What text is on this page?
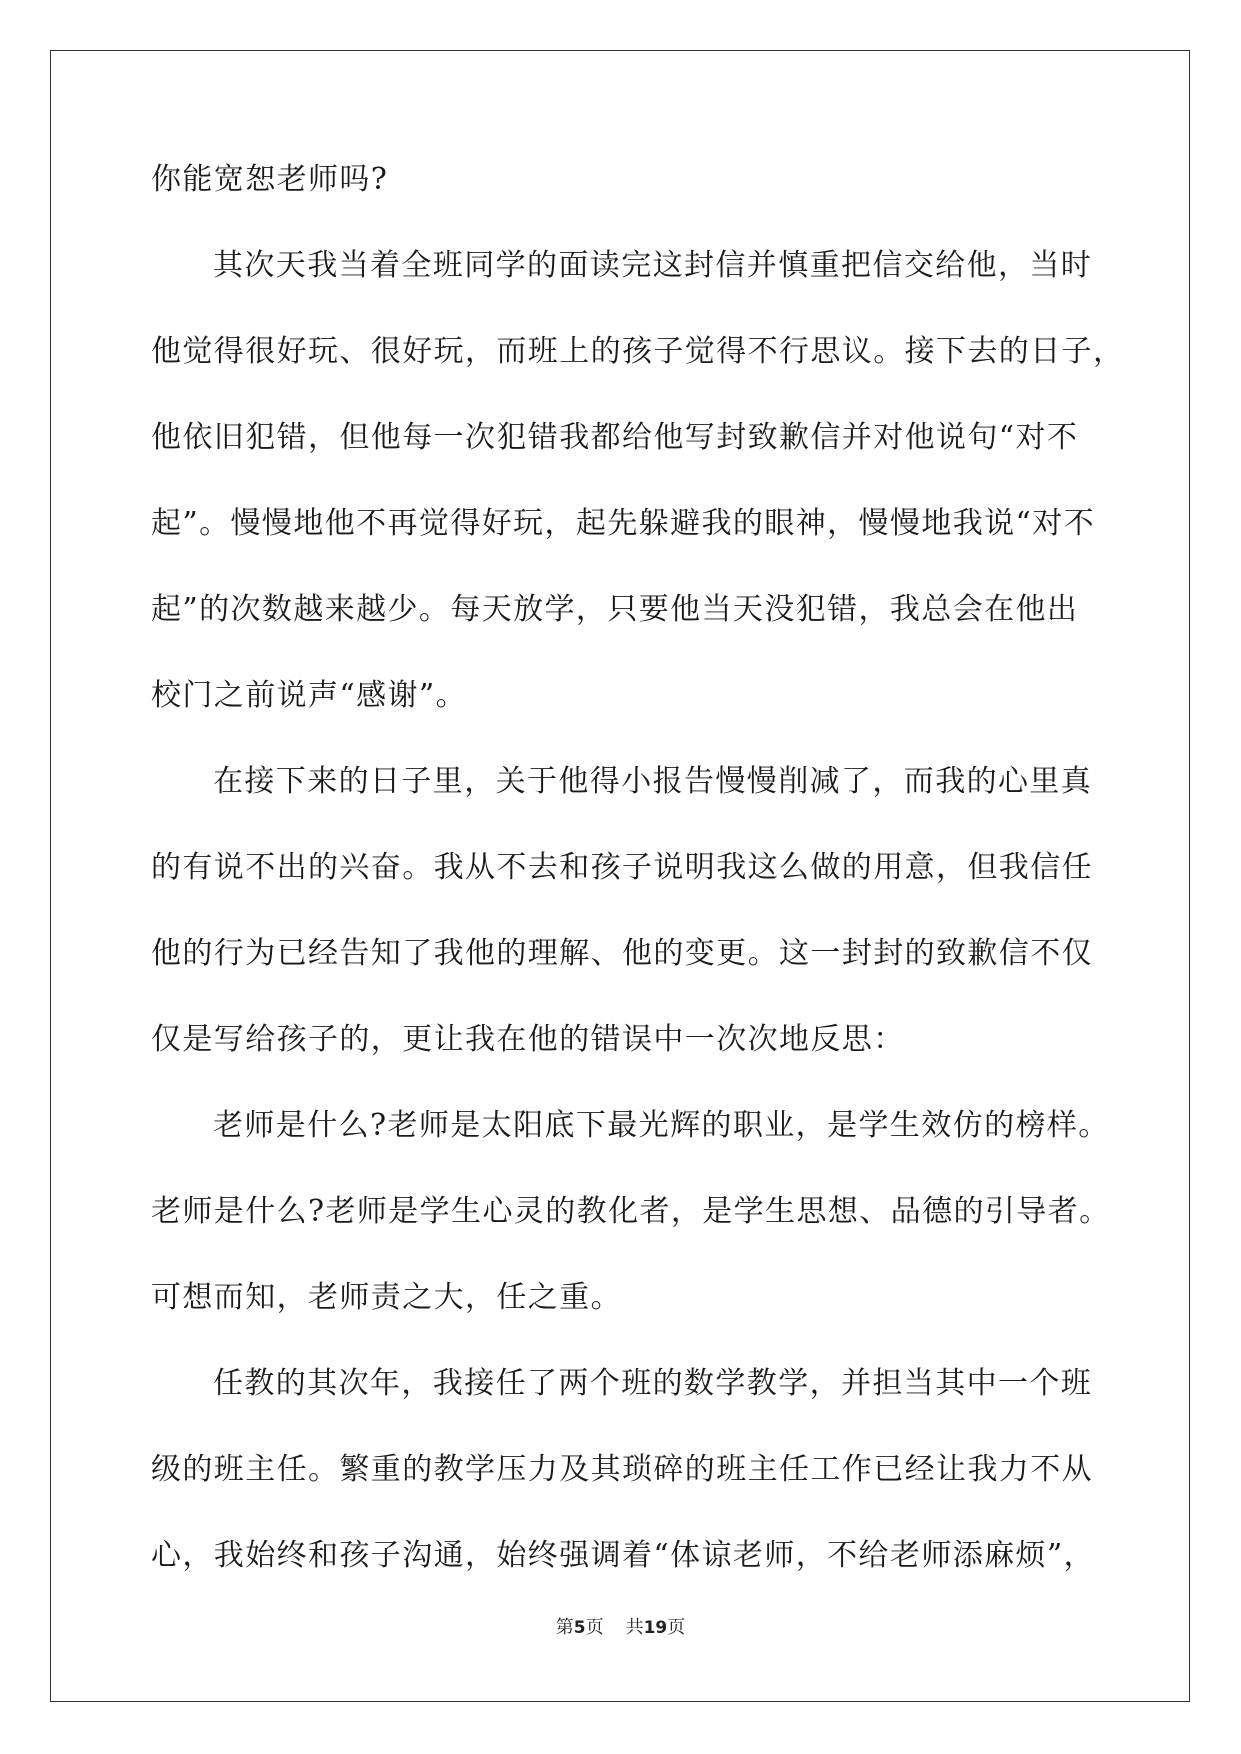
你能宽恕老师吗?
其次天我当着全班同学的面读完这封信并慎重把信交给他，当时
他觉得很好玩、很好玩，而班上的孩子觉得不行思议。接下去的日子，
他依旧犯错，但他每一次犯错我都给他写封致歉信并对他说句“对不
起”。慢慢地他不再觉得好玩，起先躲避我的眼神，慢慢地我说“对不
起”的次数越来越少。每天放学，只要他当天没犯错，我总会在他出
校门之前说声“感谢”。
在接下来的日子里，关于他得小报告慢慢削减了，而我的心里真
的有说不出的兴奋。我从不去和孩子说明我这么做的用意，但我信任
他的行为已经告知了我他的理解、他的变更。这一封封的致歉信不仅
仅是写给孩子的，更让我在他的错误中一次次地反思：
老师是什么?老师是太阳底下最光辉的职业，是学生效仿的榜样。
老师是什么?老师是学生心灵的教化者，是学生思想、品德的引导者。
可想而知，老师责之大，任之重。
任教的其次年，我接任了两个班的数学教学，并担当其中一个班
级的班主任。繁重的教学压力及其琐碎的班主任工作已经让我力不从
心，我始终和孩子沟通，始终强调着“体谅老师，不给老师添麻烦”，
第5页 共19页
